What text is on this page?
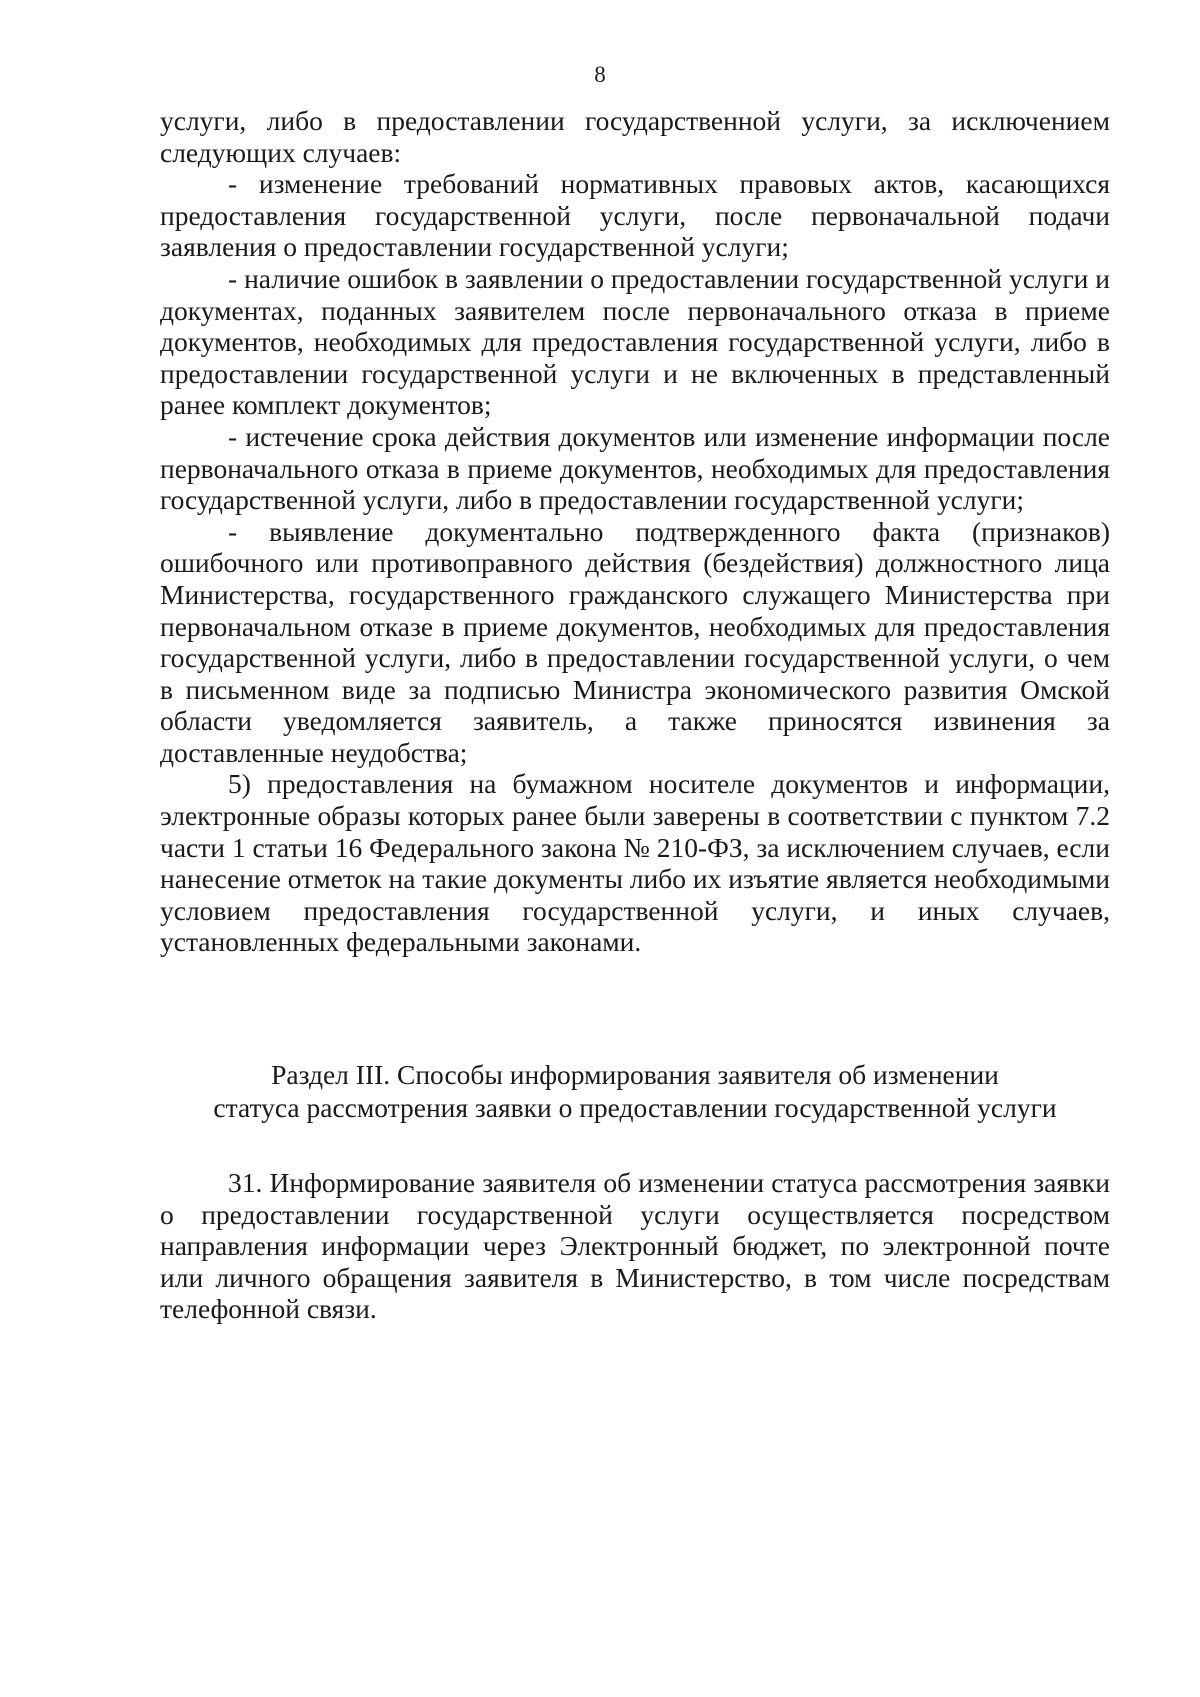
8

услуги, либо в предоставлении государственной услуги, за исключением следующих случаев:

- изменение требований нормативных правовых актов, касающихся предоставления государственной услуги, после первоначальной подачи заявления о предоставлении государственной услуги;

- наличие ошибок в заявлении о предоставлении государственной услуги и документах, поданных заявителем после первоначального отказа в приеме документов, необходимых для предоставления государственной услуги, либо в предоставлении государственной услуги и не включенных в представленный ранее комплект документов;

- истечение срока действия документов или изменение информации после первоначального отказа в приеме документов, необходимых для предоставления государственной услуги, либо в предоставлении государственной услуги;

- выявление документально подтвержденного факта (признаков) ошибочного или противоправного действия (бездействия) должностного лица Министерства, государственного гражданского служащего Министерства при первоначальном отказе в приеме документов, необходимых для предоставления государственной услуги, либо в предоставлении государственной услуги, о чем в письменном виде за подписью Министра экономического развития Омской области уведомляется заявитель, а также приносятся извинения за доставленные неудобства;

5) предоставления на бумажном носителе документов и информации, электронные образы которых ранее были заверены в соответствии с пунктом 7.2 части 1 статьи 16 Федерального закона № 210-ФЗ, за исключением случаев, если нанесение отметок на такие документы либо их изъятие является необходимыми условием предоставления государственной услуги, и иных случаев, установленных федеральными законами.

Раздел III. Способы информирования заявителя об изменении
статуса рассмотрения заявки о предоставлении государственной услуги

31. Информирование заявителя об изменении статуса рассмотрения заявки о предоставлении государственной услуги осуществляется посредством направления информации через Электронный бюджет, по электронной почте или личного обращения заявителя в Министерство, в том числе посредствам телефонной связи.
